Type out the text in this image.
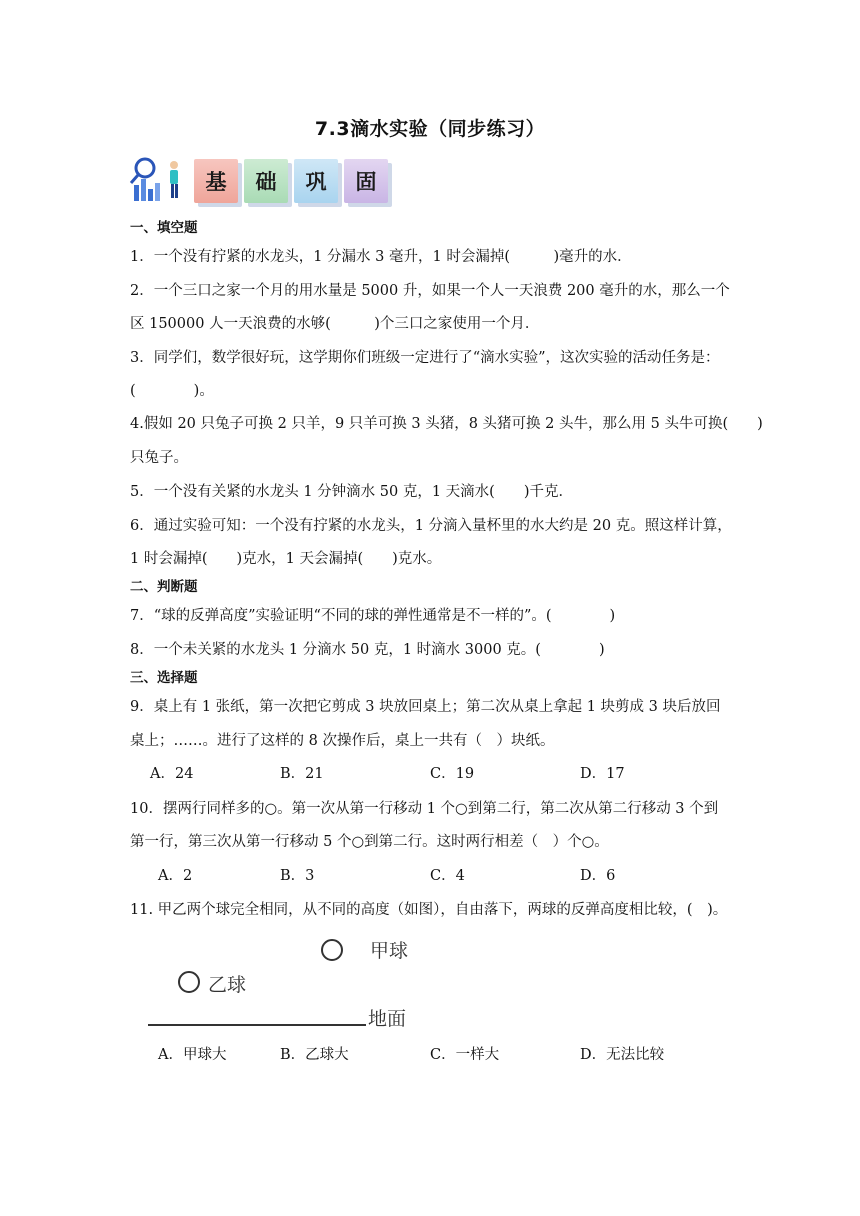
7.3滴水实验（同步练习）
基	础	巩	固
一、填空题
1．一个没有拧紧的水龙头，1 分漏水 3 毫升，1 时会漏掉(　　　)毫升的水．
2．一个三口之家一个月的用水量是 5000 升，如果一个人一天浪费 200 毫升的水，那么一个
区 150000 人一天浪费的水够(　　　)个三口之家使用一个月．
3．同学们，数学很好玩，这学期你们班级一定进行了“滴水实验”，这次实验的活动任务是：
(　　　　)。
4.假如 20 只兔子可换 2 只羊，9 只羊可换 3 头猪，8 头猪可换 2 头牛，那么用 5 头牛可换(　　)
只兔子。
5．一个没有关紧的水龙头 1 分钟滴水 50 克，1 天滴水(　　)千克．
6．通过实验可知：一个没有拧紧的水龙头，1 分滴入量杯里的水大约是 20 克。照这样计算，
1 时会漏掉(　　)克水，1 天会漏掉(　　)克水。
二、判断题
7．“球的反弹高度”实验证明“不同的球的弹性通常是不一样的”。(　　　　)
8．一个未关紧的水龙头 1 分滴水 50 克，1 时滴水 3000 克。(　　　　)
三、选择题
9．桌上有 1 张纸，第一次把它剪成 3 块放回桌上；第二次从桌上拿起 1 块剪成 3 块后放回
桌上；……。进行了这样的 8 次操作后，桌上一共有（　）块纸。
A．24	B．21	C．19	D．17
10．摆两行同样多的○。第一次从第一行移动 1 个○到第二行，第二次从第二行移动 3 个到
第一行，第三次从第一行移动 5 个○到第二行。这时两行相差（　）个○。
A．2	B．3	C．4	D．6
11. 甲乙两个球完全相同，从不同的高度（如图），自由落下，两球的反弹高度相比较，(　)。
甲球
乙球
地面
A．甲球大	B．乙球大	C．一样大	D．无法比较
